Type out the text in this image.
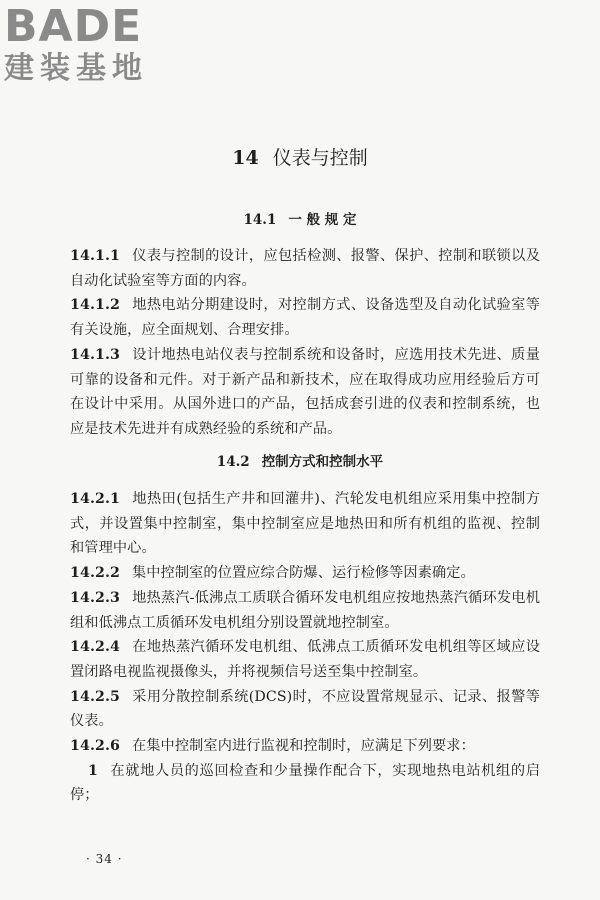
BADE
建装基地
14 仪表与控制
14.1 一 般 规 定
14.1.1 仪表与控制的设计，应包括检测、报警、保护、控制和联锁以及自动化试验室等方面的内容。
14.1.2 地热电站分期建设时，对控制方式、设备选型及自动化试验室等有关设施，应全面规划、合理安排。
14.1.3 设计地热电站仪表与控制系统和设备时，应选用技术先进、质量可靠的设备和元件。对于新产品和新技术，应在取得成功应用经验后方可在设计中采用。从国外进口的产品，包括成套引进的仪表和控制系统，也应是技术先进并有成熟经验的系统和产品。
14.2 控制方式和控制水平
14.2.1 地热田(包括生产井和回灌井)、汽轮发电机组应采用集中控制方式，并设置集中控制室，集中控制室应是地热田和所有机组的监视、控制和管理中心。
14.2.2 集中控制室的位置应综合防爆、运行检修等因素确定。
14.2.3 地热蒸汽-低沸点工质联合循环发电机组应按地热蒸汽循环发电机组和低沸点工质循环发电机组分别设置就地控制室。
14.2.4 在地热蒸汽循环发电机组、低沸点工质循环发电机组等区域应设置闭路电视监视摄像头，并将视频信号送至集中控制室。
14.2.5 采用分散控制系统(DCS)时，不应设置常规显示、记录、报警等仪表。
14.2.6 在集中控制室内进行监视和控制时，应满足下列要求：
1 在就地人员的巡回检查和少量操作配合下，实现地热电站机组的启停；
· 34 ·
